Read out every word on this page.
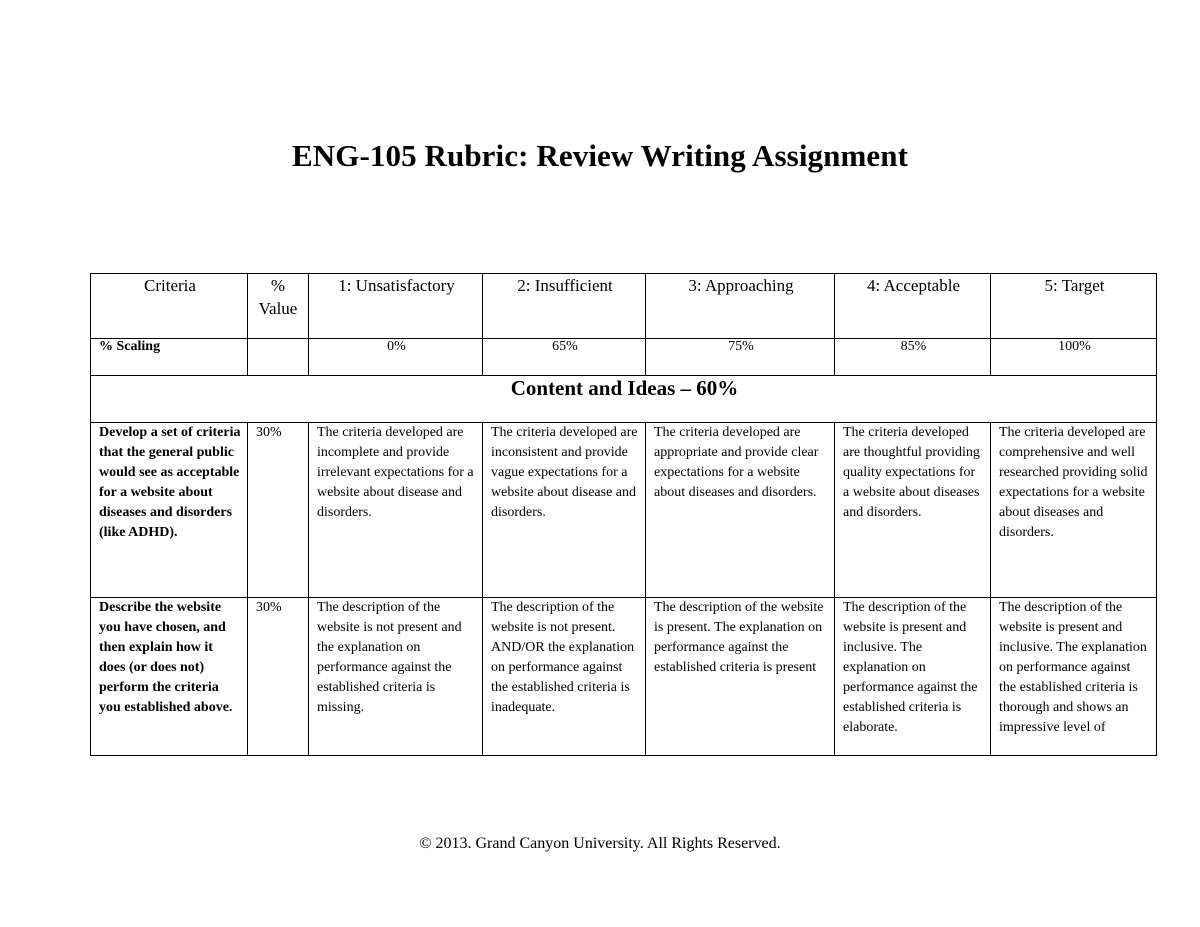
ENG-105 Rubric: Review Writing Assignment
Criteria	% Value	1: Unsatisfactory	2: Insufficient	3: Approaching	4: Acceptable	5: Target
% Scaling		0%	65%	75%	85%	100%
Content and Ideas – 60%						
Develop a set of criteria that the general public would see as acceptable for a website about diseases and disorders (like ADHD).	30%	The criteria developed are incomplete and provide irrelevant expectations for a website about disease and disorders.	The criteria developed are inconsistent and provide vague expectations for a website about disease and disorders.	The criteria developed are appropriate and provide clear expectations for a website about diseases and disorders.	The criteria developed are thoughtful providing quality expectations for a website about diseases and disorders.	The criteria developed are comprehensive and well researched providing solid expectations for a website about diseases and disorders.
Describe the website you have chosen, and then explain how it does (or does not) perform the criteria you established above.	30%	The description of the website is not present and the explanation on performance against the established criteria is missing.	The description of the website is not present. AND/OR the explanation on performance against the established criteria is inadequate.	The description of the website is present. The explanation on performance against the established criteria is present	The description of the website is present and inclusive. The explanation on performance against the established criteria is elaborate.	The description of the website is present and inclusive. The explanation on performance against the established criteria is thorough and shows an impressive level of
© 2013. Grand Canyon University. All Rights Reserved.
